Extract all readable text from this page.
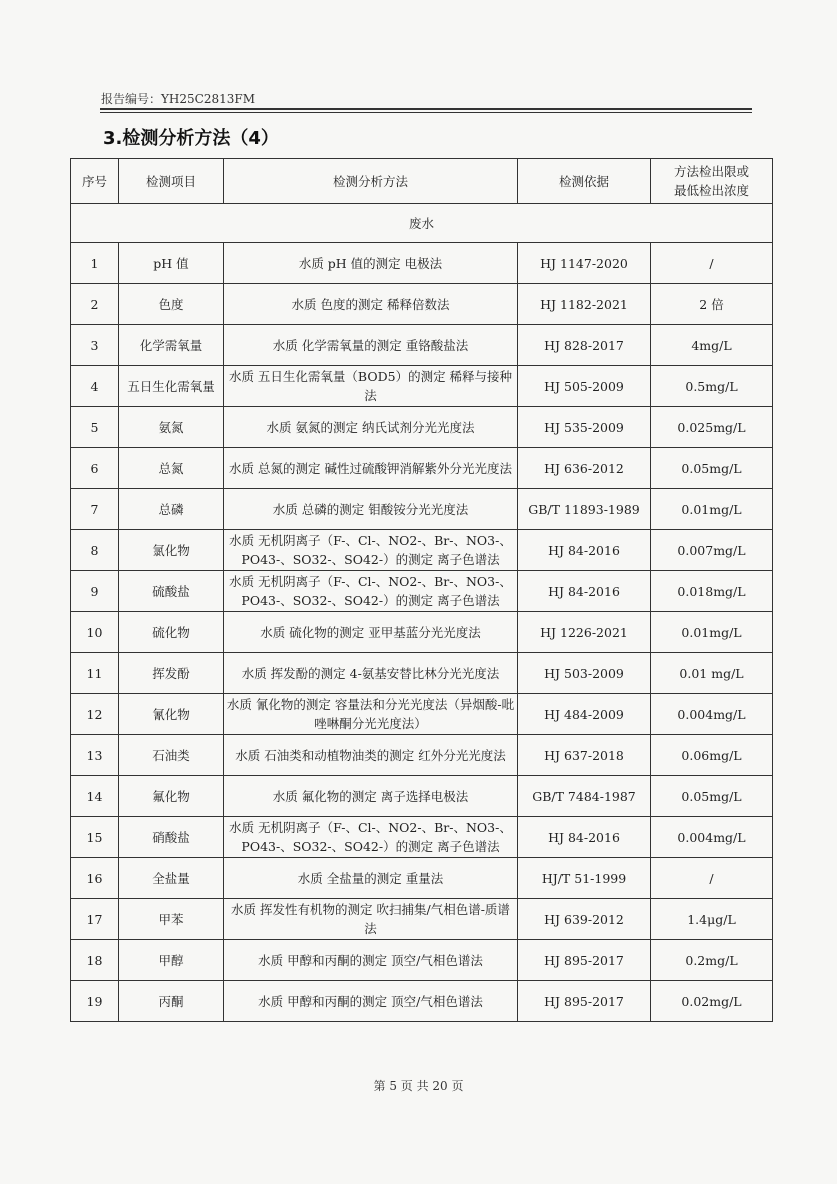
报告编号：YH25C2813FM
3.检测分析方法（4）
序号	检测项目	检测分析方法	检测依据	方法检出限或
最低检出浓度

废水				
1	pH 值	水质 pH 值的测定 电极法	HJ 1147-2020	/
2	色度	水质 色度的测定 稀释倍数法	HJ 1182-2021	2 倍
3	化学需氧量	水质 化学需氧量的测定 重铬酸盐法	HJ 828-2017	4mg/L
4	五日生化需氧量	水质 五日生化需氧量（BOD5）的测定 稀释与接种法	HJ 505-2009	0.5mg/L
5	氨氮	水质 氨氮的测定 纳氏试剂分光光度法	HJ 535-2009	0.025mg/L
6	总氮	水质 总氮的测定 碱性过硫酸钾消解紫外分光光度法	HJ 636-2012	0.05mg/L
7	总磷	水质 总磷的测定 钼酸铵分光光度法	GB/T 11893-1989	0.01mg/L
8	氯化物	水质 无机阴离子（F-、Cl-、NO2-、Br-、NO3-、PO43-、SO32-、SO42-）的测定 离子色谱法	HJ 84-2016	0.007mg/L
9	硫酸盐	水质 无机阴离子（F-、Cl-、NO2-、Br-、NO3-、PO43-、SO32-、SO42-）的测定 离子色谱法	HJ 84-2016	0.018mg/L
10	硫化物	水质 硫化物的测定 亚甲基蓝分光光度法	HJ 1226-2021	0.01mg/L
11	挥发酚	水质 挥发酚的测定 4-氨基安替比林分光光度法	HJ 503-2009	0.01 mg/L
12	氰化物	水质 氰化物的测定 容量法和分光光度法（异烟酸-吡唑啉酮分光光度法）	HJ 484-2009	0.004mg/L
13	石油类	水质 石油类和动植物油类的测定 红外分光光度法	HJ 637-2018	0.06mg/L
14	氟化物	水质 氟化物的测定 离子选择电极法	GB/T 7484-1987	0.05mg/L
15	硝酸盐	水质 无机阴离子（F-、Cl-、NO2-、Br-、NO3-、PO43-、SO32-、SO42-）的测定 离子色谱法	HJ 84-2016	0.004mg/L
16	全盐量	水质 全盐量的测定 重量法	HJ/T 51-1999	/
17	甲苯	水质 挥发性有机物的测定 吹扫捕集/气相色谱-质谱法	HJ 639-2012	1.4μg/L
18	甲醇	水质 甲醇和丙酮的测定 顶空/气相色谱法	HJ 895-2017	0.2mg/L
19	丙酮	水质 甲醇和丙酮的测定 顶空/气相色谱法	HJ 895-2017	0.02mg/L
第 5 页 共 20 页
